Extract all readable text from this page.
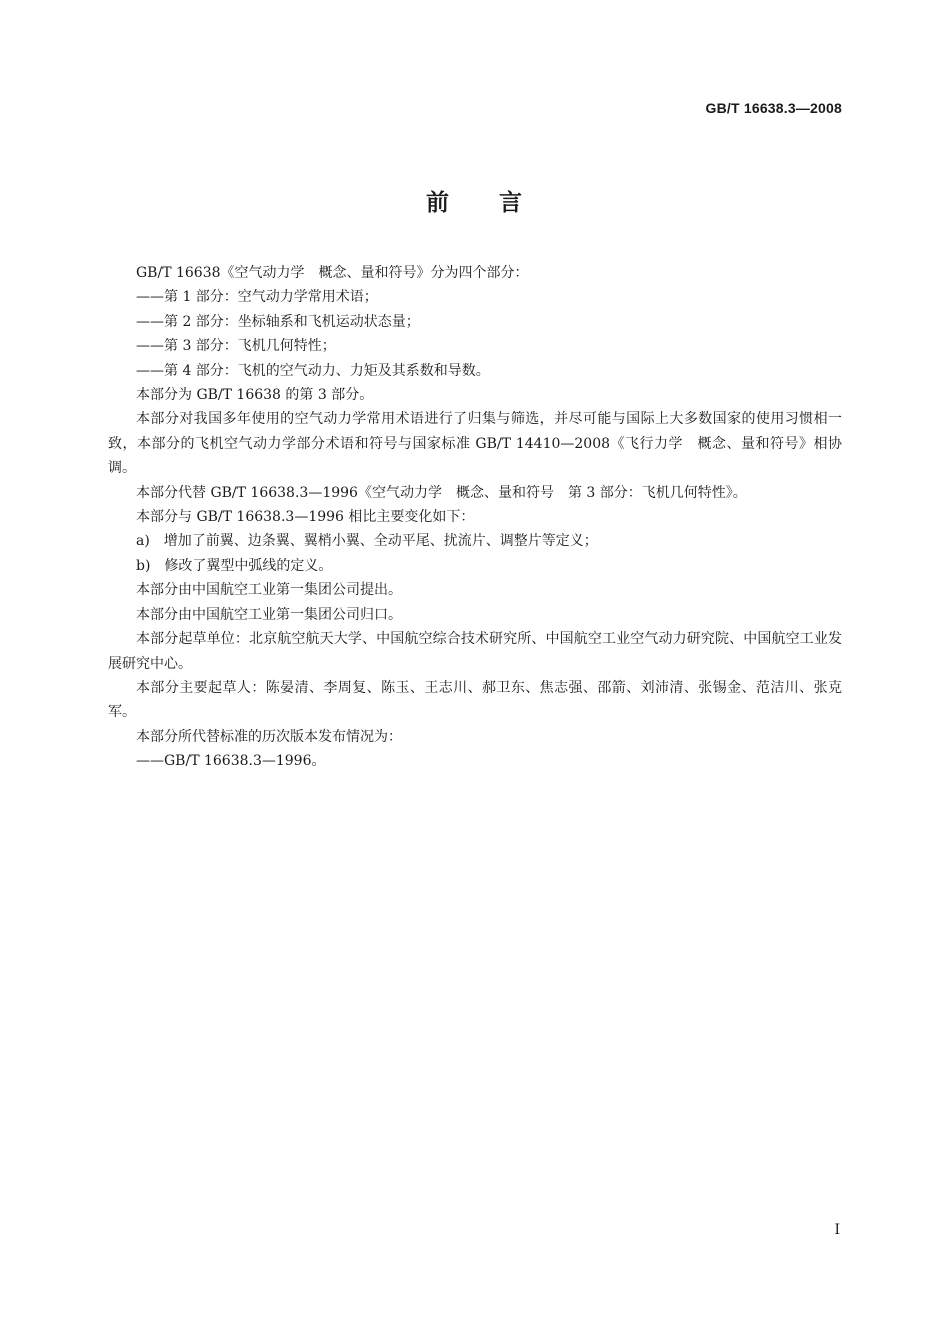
GB/T 16638.3—2008
前 言

GB/T 16638《空气动力学　概念、量和符号》分为四个部分：

——第 1 部分：空气动力学常用术语；

——第 2 部分：坐标轴系和飞机运动状态量；

——第 3 部分：飞机几何特性；

——第 4 部分：飞机的空气动力、力矩及其系数和导数。

本部分为 GB/T 16638 的第 3 部分。

本部分对我国多年使用的空气动力学常用术语进行了归集与筛选，并尽可能与国际上大多数国家的使用习惯相一致，本部分的飞机空气动力学部分术语和符号与国家标准 GB/T 14410—2008《飞行力学　概念、量和符号》相协调。

本部分代替 GB/T 16638.3—1996《空气动力学　概念、量和符号　第 3 部分：飞机几何特性》。

本部分与 GB/T 16638.3—1996 相比主要变化如下：

a)　增加了前翼、边条翼、翼梢小翼、全动平尾、扰流片、调整片等定义；

b)　修改了翼型中弧线的定义。

本部分由中国航空工业第一集团公司提出。

本部分由中国航空工业第一集团公司归口。

本部分起草单位：北京航空航天大学、中国航空综合技术研究所、中国航空工业空气动力研究院、中国航空工业发展研究中心。

本部分主要起草人：陈晏清、李周复、陈玉、王志川、郝卫东、焦志强、邵箭、刘沛清、张锡金、范洁川、张克军。

本部分所代替标准的历次版本发布情况为：

——GB/T 16638.3—1996。

I
